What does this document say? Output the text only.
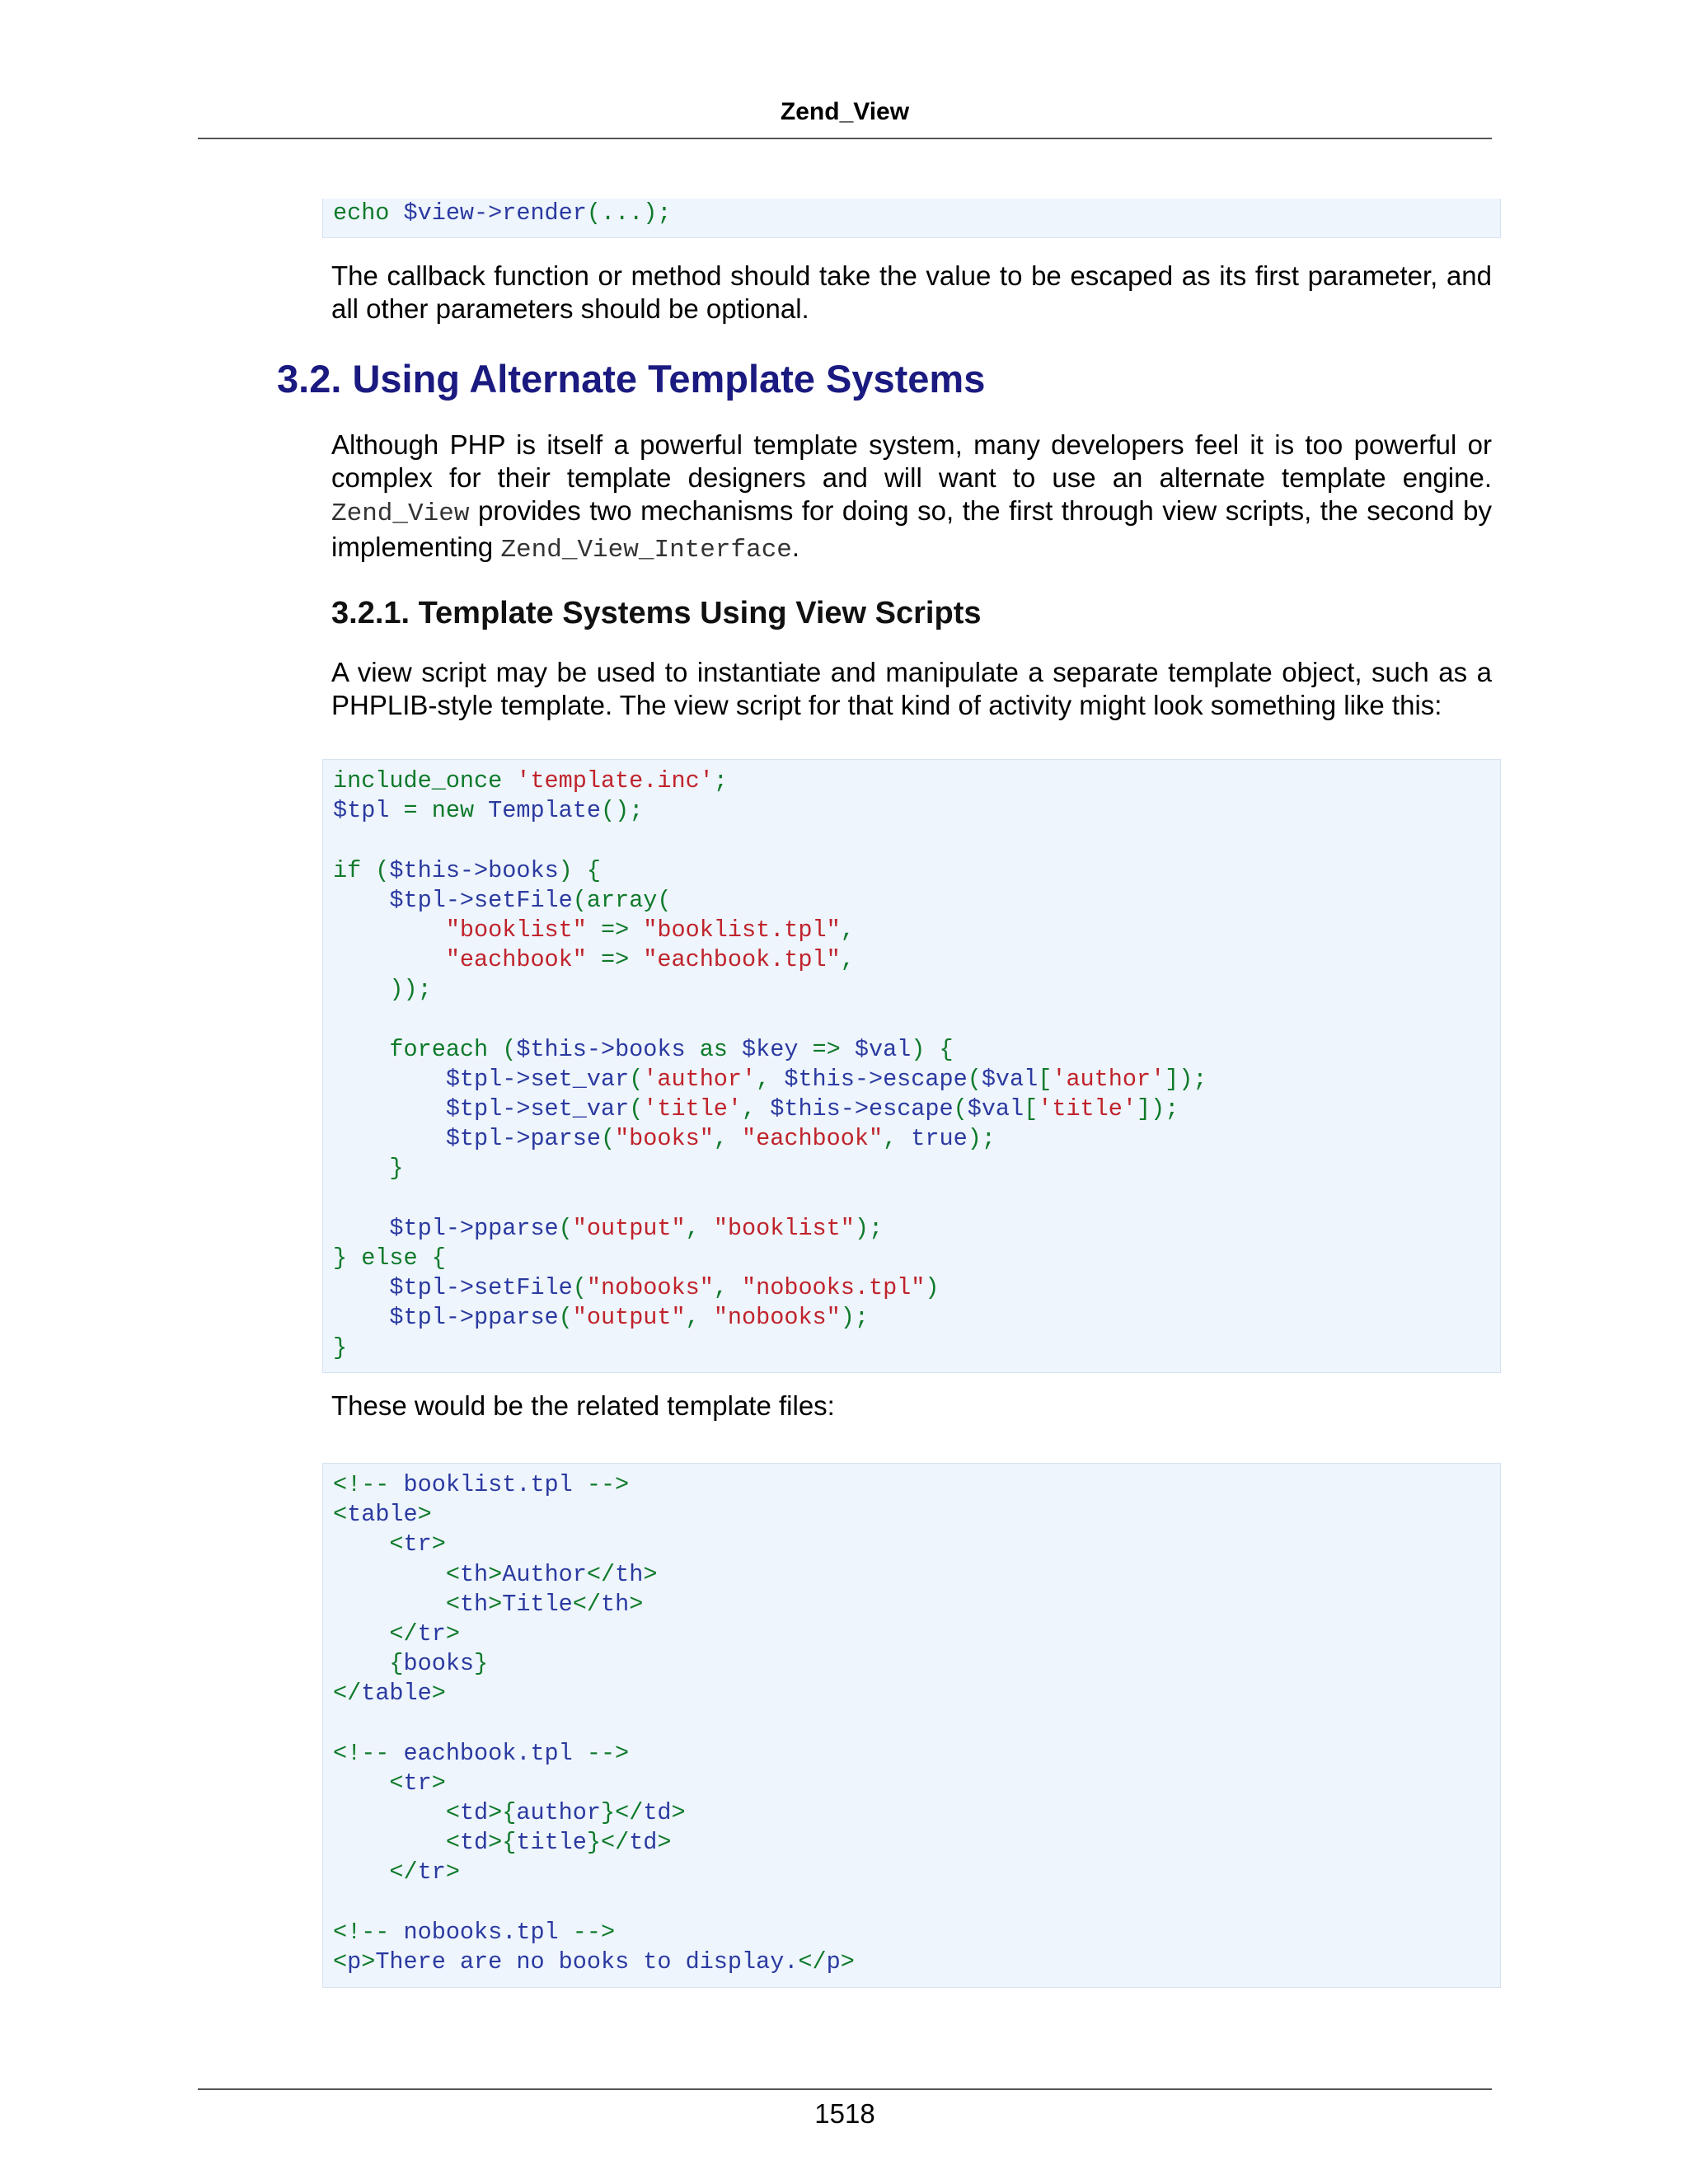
Zend_View
echo $view->render(...);

The callback function or method should take the value to be escaped as its first parameter, and all other parameters should be optional.

3.2. Using Alternate Template Systems

Although PHP is itself a powerful template system, many developers feel it is too powerful or complex for their template designers and will want to use an alternate template engine. Zend_View provides two mechanisms for doing so, the first through view scripts, the second by implementing Zend_View_Interface.

3.2.1. Template Systems Using View Scripts

A view script may be used to instantiate and manipulate a separate template object, such as a PHPLIB-style template. The view script for that kind of activity might look something like this:

include_once 'template.inc';
$tpl = new Template();
if ($this->books) {
$tpl->setFile(array(
"booklist" => "booklist.tpl",
"eachbook" => "eachbook.tpl",
));
foreach ($this->books as $key => $val) {
$tpl->set_var('author', $this->escape($val['author']);
$tpl->set_var('title', $this->escape($val['title']);
$tpl->parse("books", "eachbook", true);
}
$tpl->pparse("output", "booklist");
} else {
$tpl->setFile("nobooks", "nobooks.tpl")
$tpl->pparse("output", "nobooks");
}

These would be the related template files:

<!-- booklist.tpl -->
<table>
<tr>
<th>Author</th>
<th>Title</th>
</tr>
{books}
</table>
<!-- eachbook.tpl -->
<tr>
<td>{author}</td>
<td>{title}</td>
</tr>
<!-- nobooks.tpl -->
<p>There are no books to display.</p>
1518
